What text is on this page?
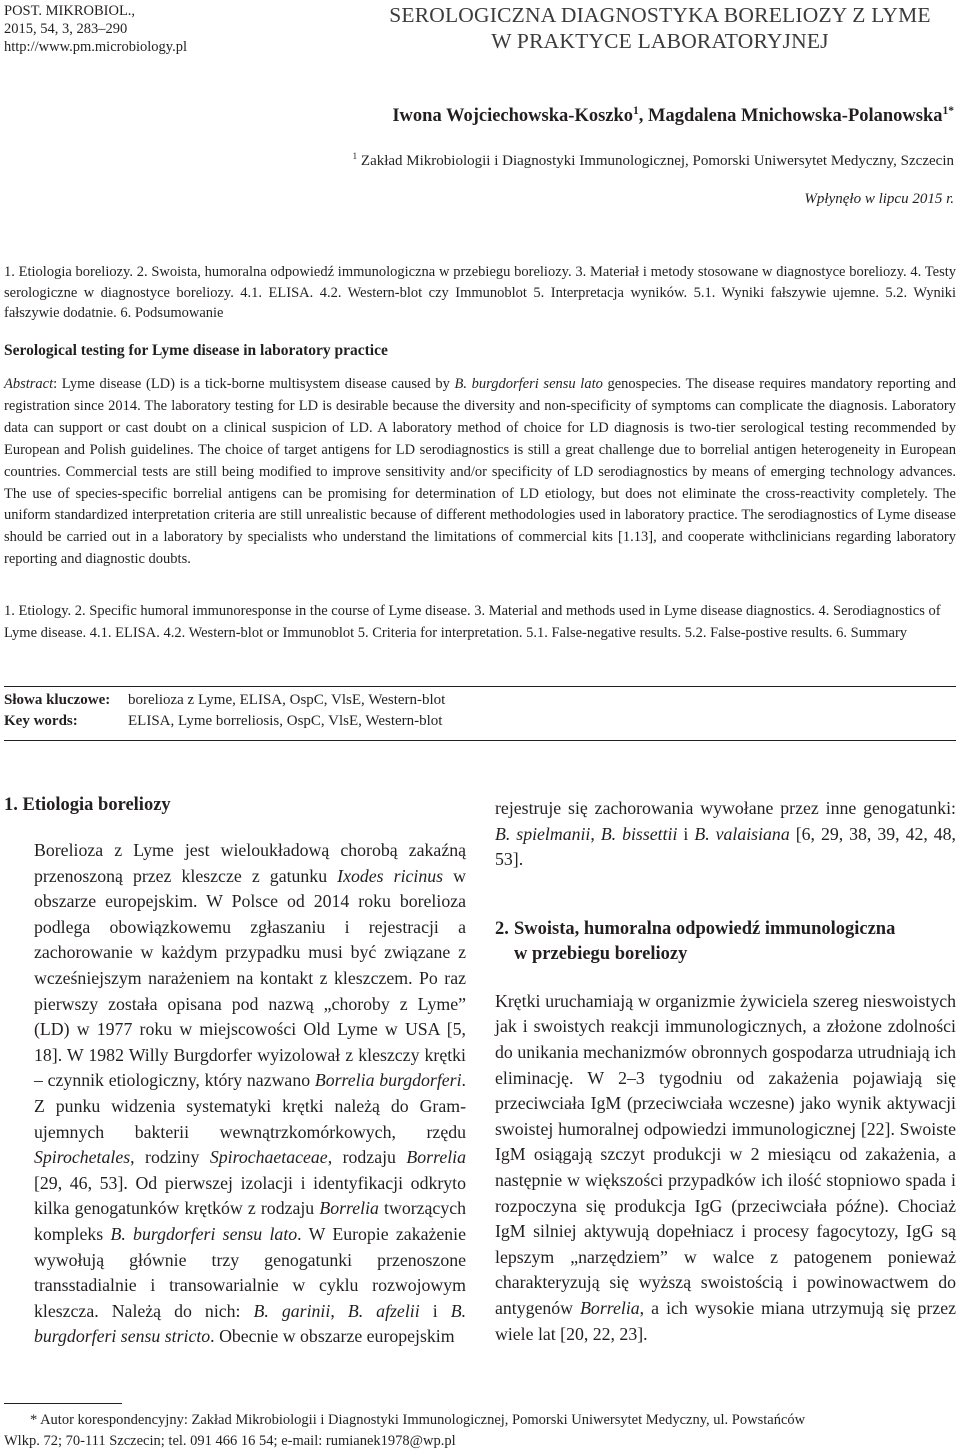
POST. MIKROBIOL.,
2015, 54, 3, 283–290
http://www.pm.microbiology.pl
SEROLOGICZNA DIAGNOSTYKA BORELIOZY Z LYME
W PRAKTYCE LABORATORYJNEJ
Iwona Wojciechowska-Koszko$^1$, Magdalena Mnichowska-Polanowska$^{1*}$
$^1$ Zakład Mikrobiologii i Diagnostyki Immunologicznej, Pomorski Uniwersytet Medyczny, Szczecin
Wpłynęło w lipcu 2015 r.
1. Etiologia boreliozy. 2. Swoista, humoralna odpowiedź immunologiczna w przebiegu boreliozy. 3. Materiał i metody stosowane w diagnostyce boreliozy. 4. Testy serologiczne w diagnostyce boreliozy. 4.1. ELISA. 4.2. Western-blot czy Immunoblot 5. Interpretacja wyników. 5.1. Wyniki fałszywie ujemne. 5.2. Wyniki fałszywie dodatnie. 6. Podsumowanie
Serological testing for Lyme disease in laboratory practice
Abstract: Lyme disease (LD) is a tick-borne multisystem disease caused by B. burgdorferi sensu lato genospecies. The disease requires mandatory reporting and registration since 2014. The laboratory testing for LD is desirable because the diversity and non-specificity of symptoms can complicate the diagnosis. Laboratory data can support or cast doubt on a clinical suspicion of LD. A laboratory method of choice for LD diagnosis is two-tier serological testing recommended by European and Polish guidelines. The choice of target antigens for LD serodiagnostics is still a great challenge due to borrelial antigen heterogeneity in European countries. Commercial tests are still being modified to improve sensitivity and/or specificity of LD serodiagnostics by means of emerging technology advances. The use of species-specific borrelial antigens can be promising for determination of LD etiology, but does not eliminate the cross-reactivity completely. The uniform standardized interpretation criteria are still unrealistic because of different methodologies used in laboratory practice. The serodiagnostics of Lyme disease should be carried out in a laboratory by specialists who understand the limitations of commercial kits [1.13], and cooperate withclinicians regarding laboratory reporting and diagnostic doubts.
1. Etiology. 2. Specific humoral immunoresponse in the course of Lyme disease. 3. Material and methods used in Lyme disease diagnostics. 4. Serodiagnostics of Lyme disease. 4.1. ELISA. 4.2. Western-blot or Immunoblot 5. Criteria for interpretation. 5.1. False-negative results. 5.2. False-postive results. 6. Summary
Słowa kluczowe: borelioza z Lyme, ELISA, OspC, VlsE, Western-blot
Key words:	ELISA, Lyme borreliosis, OspC, VlsE, Western-blot
1. Etiologia boreliozy

Borelioza z Lyme jest wieloukładową chorobą zakaźną przenoszoną przez kleszcze z gatunku Ixodes ricinus w obszarze europejskim. W Polsce od 2014 roku borelioza podlega obowiązkowemu zgłaszaniu i rejestracji a zachorowanie w każdym przypadku musi być związane z wcześniejszym narażeniem na kontakt z kleszczem. Po raz pierwszy została opisana pod nazwą „choroby z Lyme” (LD) w 1977 roku w miejscowości Old Lyme w USA [5, 18]. W 1982 Willy Burgdorfer wyizolował z kleszczy krętki – czynnik etiologiczny, który nazwano Borrelia burgdorferi. Z punku widzenia systematyki krętki należą do Gram-ujemnych bakterii wewnątrzkomórkowych, rzędu Spirochetales, rodziny Spirochaetaceae, rodzaju Borrelia [29, 46, 53]. Od pierwszej izolacji i identyfikacji odkryto kilka genogatunków krętków z rodzaju Borrelia tworzących kompleks B. burgdorferi sensu lato. W Europie zakażenie wywołują głównie trzy genogatunki przenoszone transstadialnie i transowarialnie w cyklu rozwojowym kleszcza. Należą do nich: B. garinii, B. afzelii i B. burgdorferi sensu stricto. Obecnie w obszarze europejskim

rejestruje się zachorowania wywołane przez inne genogatunki: B. spielmanii, B. bissettii i B. valaisiana [6, 29, 38, 39, 42, 48, 53].

2. Swoista, humoralna odpowiedź immunologiczna
w przebiegu boreliozy

Krętki uruchamiają w organizmie żywiciela szereg nieswoistych jak i swoistych reakcji immunologicznych, a złożone zdolności do unikania mechanizmów obronnych gospodarza utrudniają ich eliminację. W 2–3 tygodniu od zakażenia pojawiają się przeciwciała IgM (przeciwciała wczesne) jako wynik aktywacji swoistej humoralnej odpowiedzi immunologicznej [22]. Swoiste IgM osiągają szczyt produkcji w 2 miesiącu od zakażenia, a następnie w większości przypadków ich ilość stopniowo spada i rozpoczyna się produkcja IgG (przeciwciała późne). Chociaż IgM silniej aktywują dopełniacz i procesy fagocytozy, IgG są lepszym „narzędziem” w walce z patogenem ponieważ charakteryzują się wyższą swoistością i powinowactwem do antygenów Borrelia, a ich wysokie miana utrzymują się przez wiele lat [20, 22, 23].

* Autor korespondencyjny: Zakład Mikrobiologii i Diagnostyki Immunologicznej, Pomorski Uniwersytet Medyczny, ul. Powstańców
Wlkp. 72; 70-111 Szczecin; tel. 091 466 16 54; e-mail: rumianek1978@wp.pl
